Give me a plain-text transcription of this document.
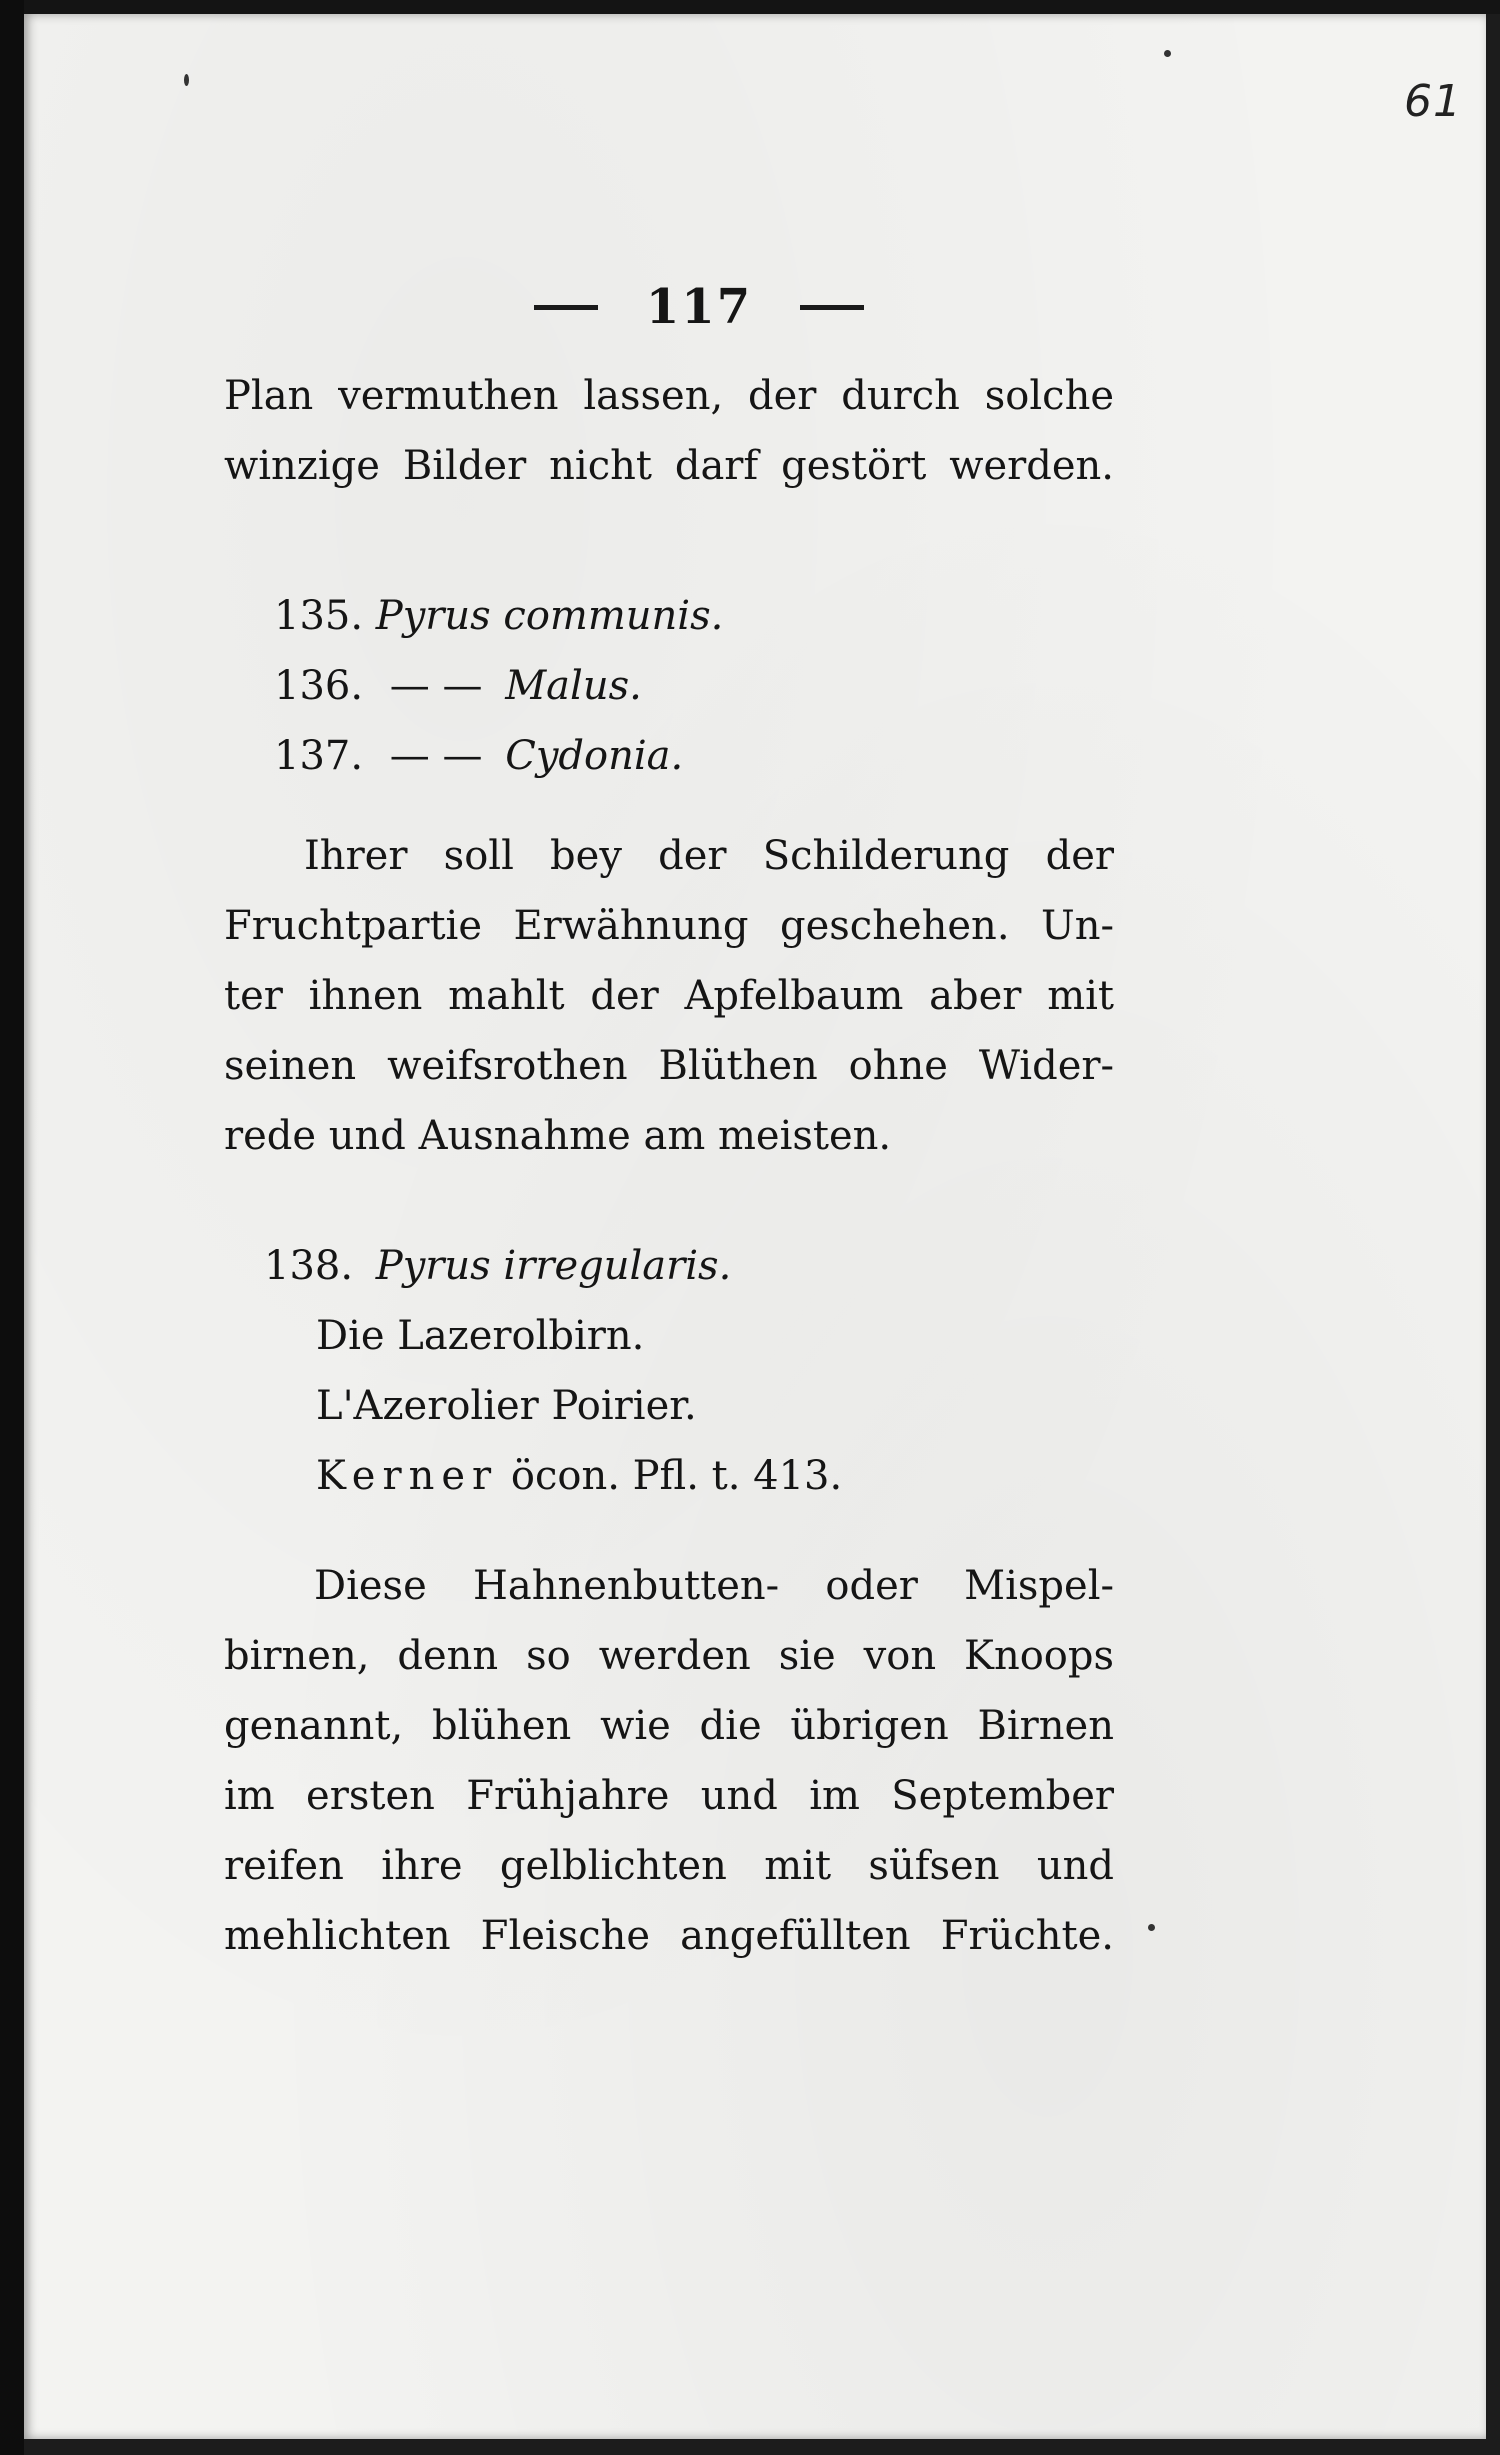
61
117
Plan vermuthen lassen, der durch solche
winzige Bilder nicht darf gestört werden.
135. Pyrus communis.
136. — — Malus.
137. — — Cydonia.
Ihrer soll bey der Schilderung der
Fruchtpartie Erwähnung geschehen. Un-
ter ihnen mahlt der Apfelbaum aber mit
seinen weifsrothen Blüthen ohne Wider-
rede und Ausnahme am meisten.
138. Pyrus irregularis.
Die Lazerolbirn.
L'Azerolier Poirier.
Kerner öcon. Pfl. t. 413.
Diese Hahnenbutten- oder Mispel-
birnen, denn so werden sie von Knoops
genannt, blühen wie die übrigen Birnen
im ersten Frühjahre und im September
reifen ihre gelblichten mit süfsen und
mehlichten Fleische angefüllten Früchte.
